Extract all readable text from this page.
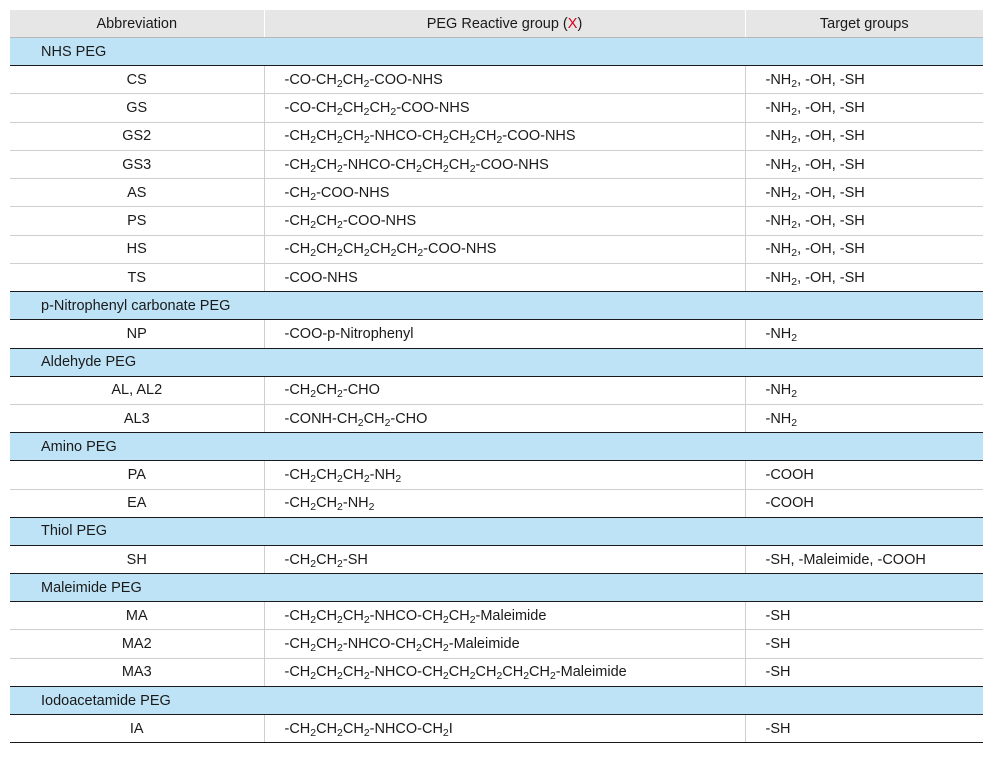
Abbreviation	PEG Reactive group (X)	Target groups
NHS PEG		
CS	$-CO-CH_2CH_2-COO$-NHS	$-NH_2$, -OH, -SH
GS	$-CO-CH_2CH_2CH_2-COO$-NHS	$-NH_2$, -OH, -SH
GS2	$-CH_2CH_2CH_2-NHCO-CH_2CH_2CH_2-COO$-NHS	$-NH_2$, -OH, -SH
GS3	$-CH_2CH_2-NHCO-CH_2CH_2CH_2-COO$-NHS	$-NH_2$, -OH, -SH
AS	$-CH_2-COO$-NHS	$-NH_2$, -OH, -SH
PS	$-CH_2CH_2-COO$-NHS	$-NH_2$, -OH, -SH
HS	$-CH_2CH_2CH_2CH_2CH_2-COO$-NHS	$-NH_2$, -OH, -SH
TS	-COO-NHS	$-NH_2$, -OH, -SH
p-Nitrophenyl carbonate PEG		
NP	-COO-p-Nitrophenyl	$-NH_2$
Aldehyde PEG		
AL, AL2	$-CH_2CH_2$-CHO	$-NH_2$
AL3	$-CONH-CH_2CH_2$-CHO	$-NH_2$
Amino PEG		
PA	$-CH_2CH_2CH_2-NH_2$	-COOH
EA	$-CH_2CH_2-NH_2$	-COOH
Thiol PEG		
SH	$-CH_2CH_2-SH$	-SH, -Maleimide, -COOH
Maleimide PEG		
MA	$-CH_2CH_2CH_2-NHCO-CH_2CH_2$-Maleimide	-SH
MA2	$-CH_2CH_2-NHCO-CH_2CH_2$-Maleimide	-SH
MA3	$-CH_2CH_2CH_2-NHCO-CH_2CH_2CH_2CH_2CH_2$-Maleimide	-SH
Iodoacetamide PEG		
IA	$-CH_2CH_2CH_2-NHCO-CH_2I$	-SH
